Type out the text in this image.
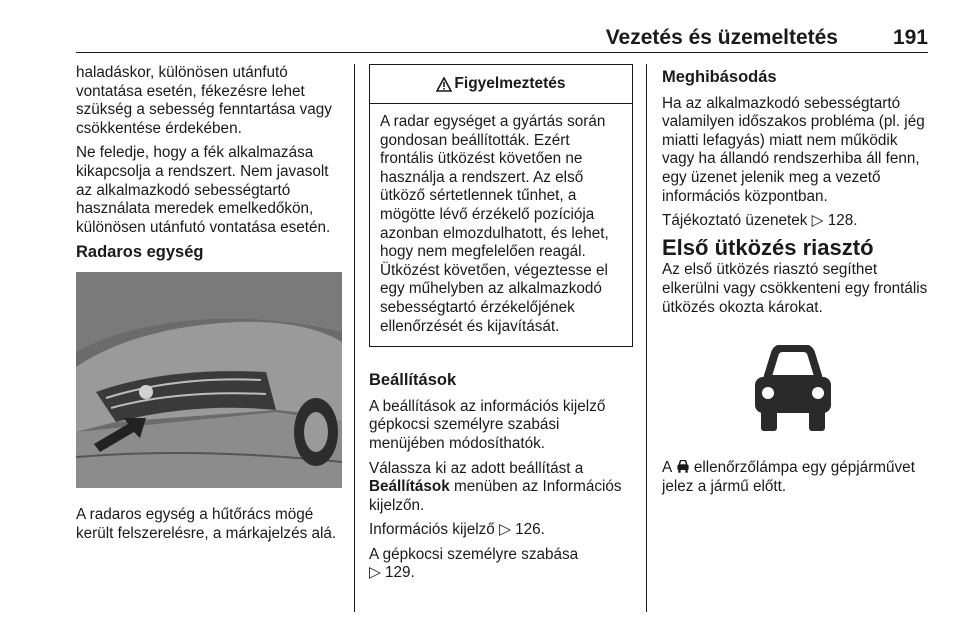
Vezetés és üzemeltetés	191

haladáskor, különösen utánfutó vontatása esetén, fékezésre lehet szükség a sebesség fenntartása vagy csökkentése érdekében.

Ne feledje, hogy a fék alkalmazása kikapcsolja a rendszert. Nem javasolt az alkalmazkodó sebességtartó használata meredek emelkedőkön, különösen utánfutó vontatása esetén.

Radaros egység

A radaros egység a hűtőrács mögé került felszerelésre, a márkajelzés alá.

Figyelmeztetés
A radar egységet a gyártás során gondosan beállították. Ezért frontális ütközést követően ne használja a rendszert. Az első ütköző sértetlennek tűnhet, a mögötte lévő érzékelő pozíciója azonban elmozdulhatott, és lehet, hogy nem megfelelően reagál. Ütközést követően, végeztesse el egy műhelyben az alkalmazkodó sebességtartó érzékelőjének ellenőrzését és kijavítását.
Beállítások

A beállítások az információs kijelző gépkocsi személyre szabási menüjében módosíthatók.

Válassza ki az adott beállítást a Beállítások menüben az Információs kijelzőn.

Információs kijelző ▷ 126.

A gépkocsi személyre szabása
▷ 129.

Meghibásodás

Ha az alkalmazkodó sebességtartó valamilyen időszakos probléma (pl. jég miatti lefagyás) miatt nem működik vagy ha állandó rendszerhiba áll fenn, egy üzenet jelenik meg a vezető információs központban.

Tájékoztató üzenetek ▷ 128.

Első ütközés riasztó

Az első ütközés riasztó segíthet elkerülni vagy csökkenteni egy frontális ütközés okozta károkat.

A  ellenőrzőlámpa egy gépjárművet jelez a jármű előtt.
